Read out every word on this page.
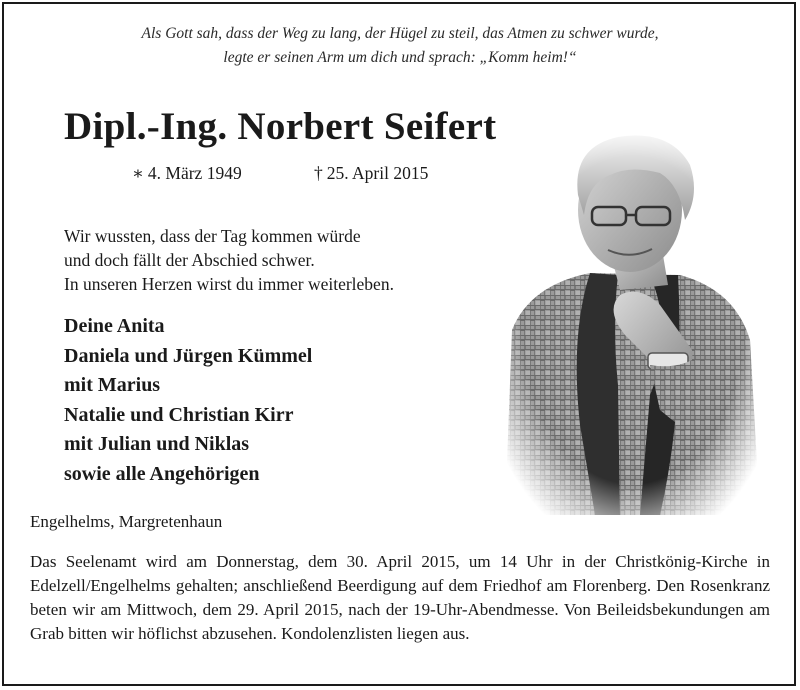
Als Gott sah, dass der Weg zu lang, der Hügel zu steil, das Atmen zu schwer wurde,
legte er seinen Arm um dich und sprach: „Komm heim!“
Dipl.-Ing. Norbert Seifert
∗ 4. März 1949	† 25. April 2015
Wir wussten, dass der Tag kommen würde
und doch fällt der Abschied schwer.
In unseren Herzen wirst du immer weiterleben.
Deine Anita
Daniela und Jürgen Kümmel
mit Marius
Natalie und Christian Kirr
mit Julian und Niklas
sowie alle Angehörigen
Engelhelms, Margretenhaun
Das Seelenamt wird am Donnerstag, dem 30. April 2015, um 14 Uhr in der Christkönig-Kirche in Edelzell/Engelhelms gehalten; anschließend Beerdigung auf dem Friedhof am Florenberg. Den Rosenkranz beten wir am Mittwoch, dem 29. April 2015, nach der 19-Uhr-Abendmesse. Von Beileidsbekundungen am Grab bitten wir höflichst abzusehen. Kondolenzlisten liegen aus.
